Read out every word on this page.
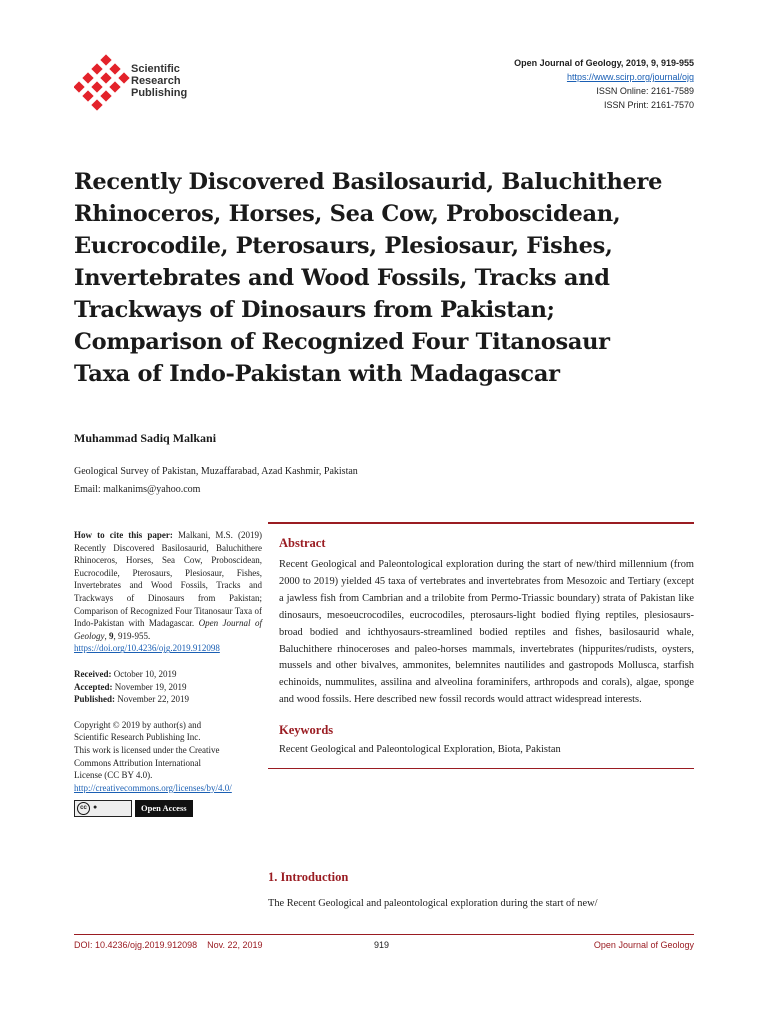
Scientific
Research
Publishing
Open Journal of Geology, 2019, 9, 919-955
https://www.scirp.org/journal/ojg
ISSN Online: 2161-7589
ISSN Print: 2161-7570
Recently Discovered Basilosaurid, Baluchithere
Rhinoceros, Horses, Sea Cow, Proboscidean,
Eucrocodile, Pterosaurs, Plesiosaur, Fishes,
Invertebrates and Wood Fossils, Tracks and
Trackways of Dinosaurs from Pakistan;
Comparison of Recognized Four Titanosaur
Taxa of Indo-Pakistan with Madagascar
Muhammad Sadiq Malkani
Geological Survey of Pakistan, Muzaffarabad, Azad Kashmir, Pakistan
Email: malkanims@yahoo.com
How to cite this paper: Malkani, M.S. (2019) Recently Discovered Basilosaurid, Baluchithere Rhinoceros, Horses, Sea Cow, Proboscidean, Eucrocodile, Pterosaurs, Plesiosaur, Fishes, Invertebrates and Wood Fossils, Tracks and Trackways of Dinosaurs from Pakistan; Comparison of Recognized Four Titanosaur Taxa of Indo-Pakistan with Madagascar. Open Journal of Geology, 9, 919-955.
https://doi.org/10.4236/ojg.2019.912098
Received: October 10, 2019
Accepted: November 19, 2019
Published: November 22, 2019
Copyright © 2019 by author(s) and
Scientific Research Publishing Inc.
This work is licensed under the Creative
Commons Attribution International
License (CC BY 4.0).
http://creativecommons.org/licenses/by/4.0/
cc ●	Open Access
Abstract
Recent Geological and Paleontological exploration during the start of new/third millennium (from 2000 to 2019) yielded 45 taxa of vertebrates and invertebrates from Mesozoic and Tertiary (except a jawless fish from Cambrian and a trilobite from Permo-Triassic boundary) strata of Pakistan like dinosaurs, mesoeucrocodiles, eucrocodiles, pterosaurs-light bodied flying reptiles, plesiosaurs-broad bodied and ichthyosaurs-streamlined bodied reptiles and fishes, basilosaurid whale, Baluchithere rhinoceroses and paleo-horses mammals, invertebrates (hippurites/rudists, oysters, mussels and other bivalves, ammonites, belemnites nautilides and gastropods Mollusca, starfish echinoids, nummulites, assilina and alveolina foraminifers, arthropods and corals), algae, sponge and wood fossils. Here described new fossil records would attract widespread interests.
Keywords
Recent Geological and Paleontological Exploration, Biota, Pakistan
1. Introduction
The Recent Geological and paleontological exploration during the start of new/
DOI: 10.4236/ojg.2019.912098    Nov. 22, 2019	919	Open Journal of Geology
